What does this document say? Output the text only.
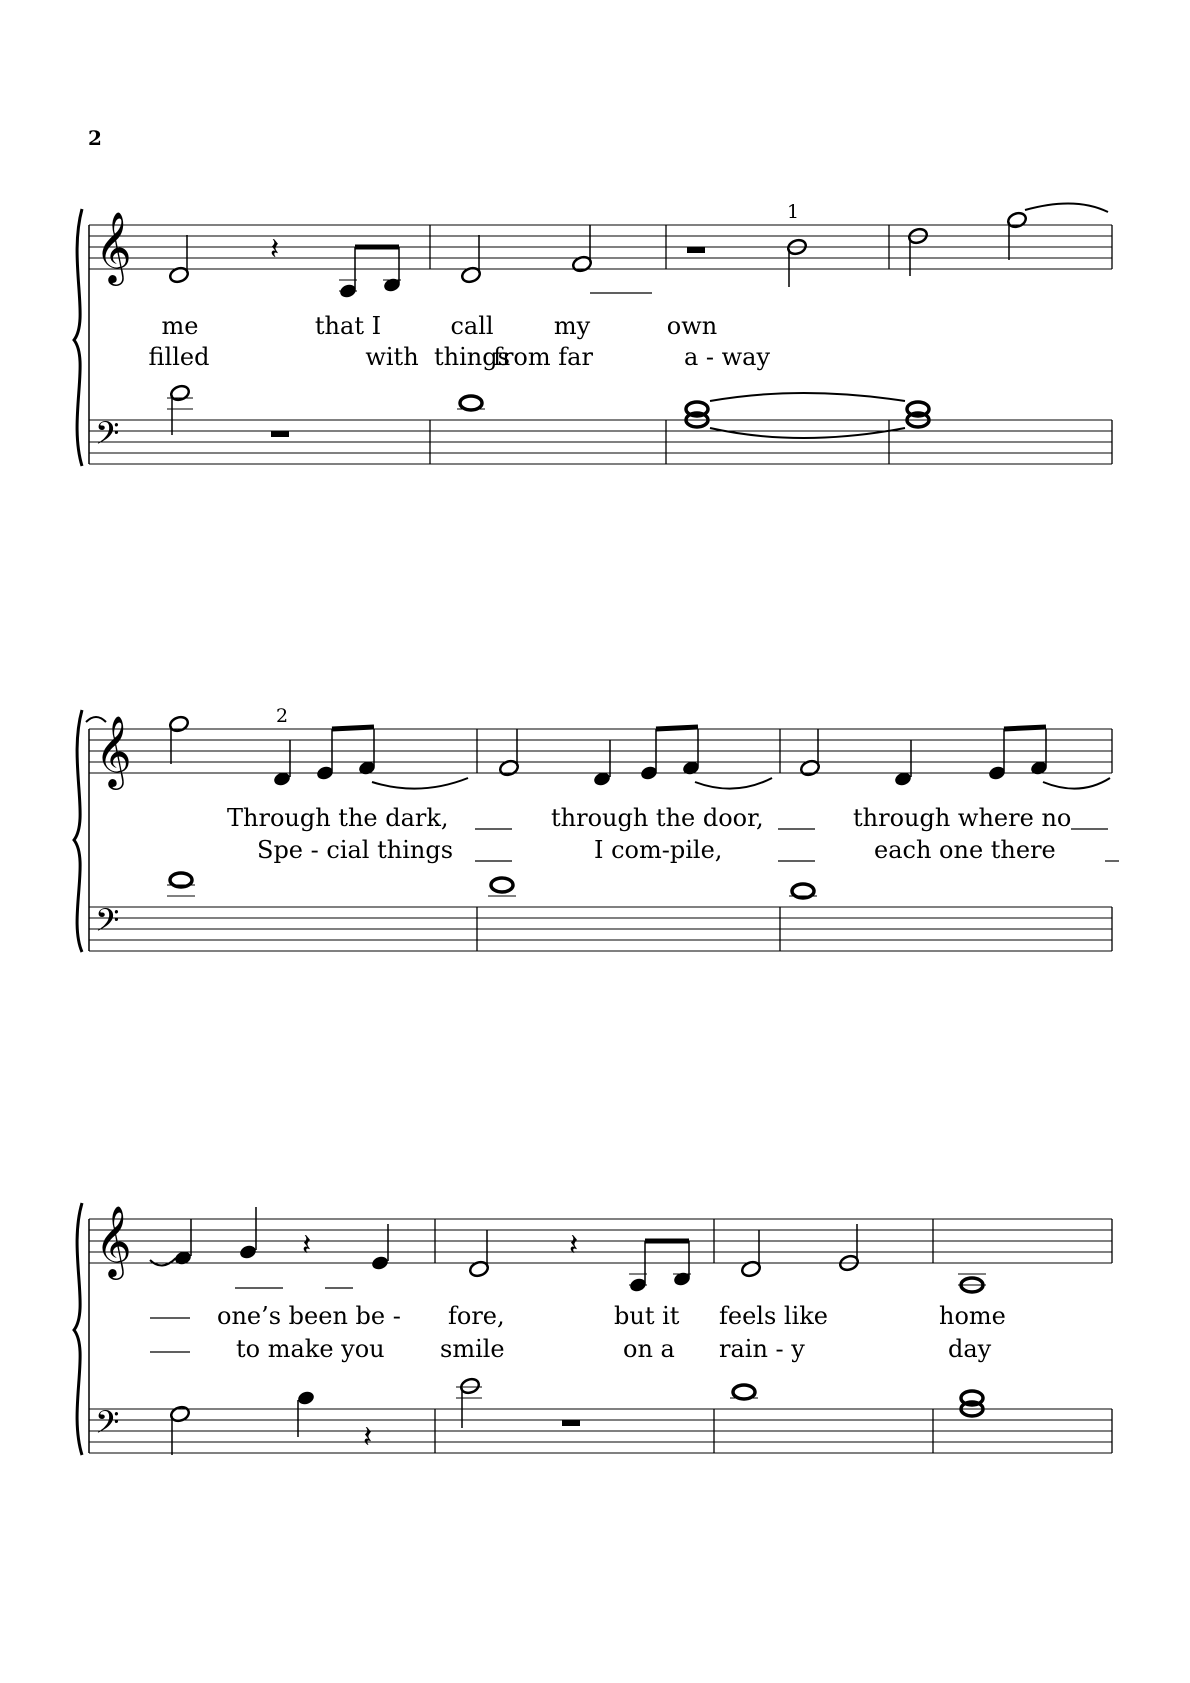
2
𝄞
𝄢
𝄽
1
me	that I	call	my	own
filled	with things
from far	a - way
𝄞
𝄢
2
Through the dark,	through the door,	through where no
Spe - cial things	I com-pile,	each one there
𝄞
𝄢
𝄽	𝄽
𝄽
one’s been be - fore,	but it feels like	home
to make you smile	on a rain - y	day
